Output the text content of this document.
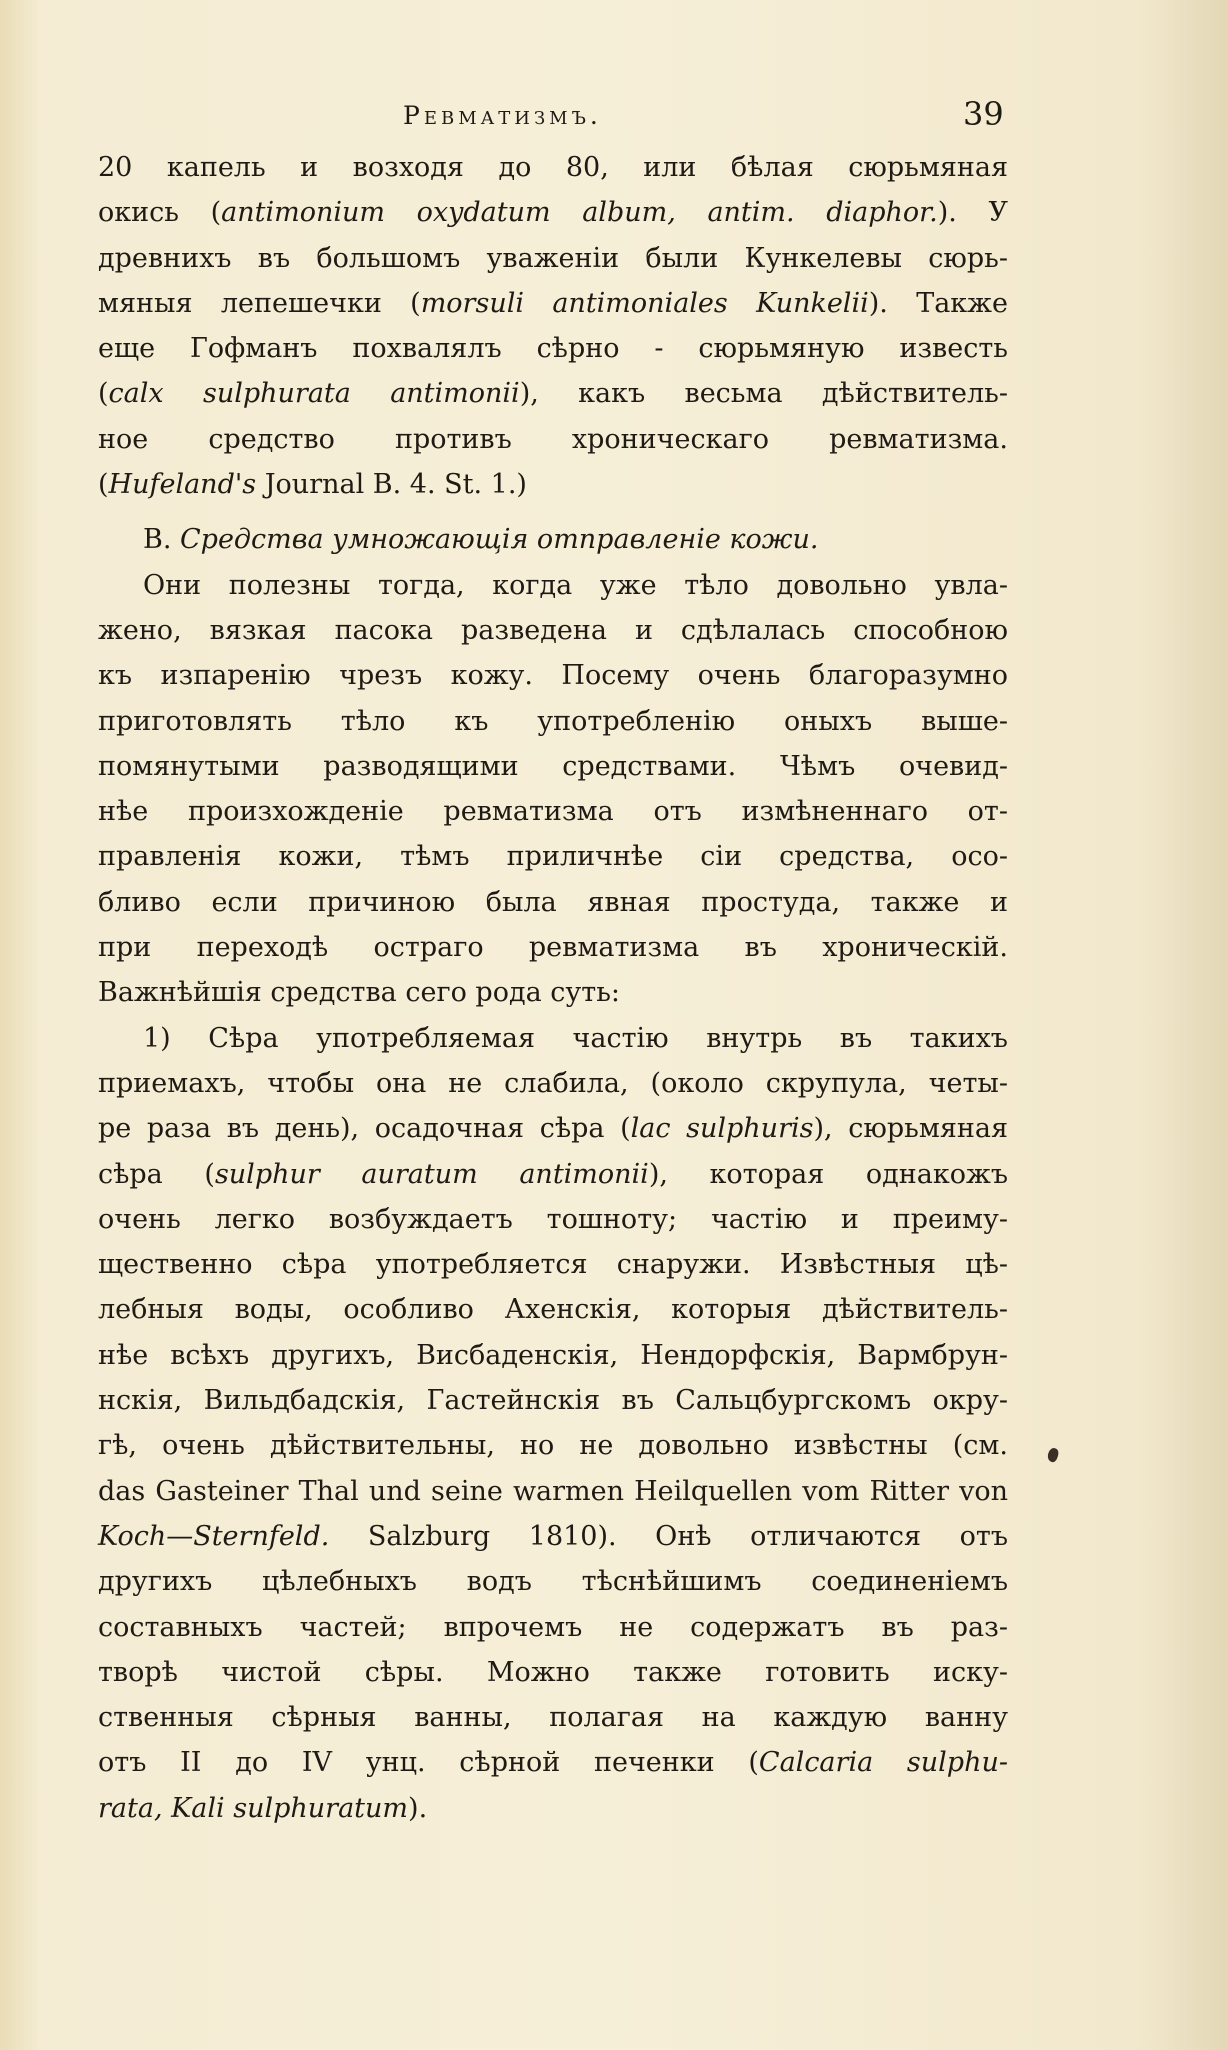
Ревматизмъ.	39
20 капель и возходя до 80, или бѣлая сюрьмяная
окись (antimonium oxydatum album, antim. diaphor.). У
древнихъ въ большомъ уваженiи были Кункелевы сюрь-
мяныя лепешечки (morsuli antimoniales Kunkelii). Также
еще Гофманъ похвалялъ сѣрно - сюрьмяную известь
(calx sulphurata antimonii), какъ весьма дѣйствитель-
ное средство противъ хроническаго ревматизма.
(Hufeland's Journal B. 4. St. 1.)
В. Средства умножающiя отправленiе кожи.
Они полезны тогда, когда уже тѣло довольно увла-
жено, вязкая пасока разведена и сдѣлалась способною
къ изпаренiю чрезъ кожу. Посему очень благоразумно
приготовлять тѣло къ употребленiю оныхъ выше-
помянутыми разводящими средствами. Чѣмъ очевид-
нѣе произхожденiе ревматизма отъ измѣненнаго от-
правленiя кожи, тѣмъ приличнѣе сiи средства, осо-
бливо если причиною была явная простуда, также и
при переходѣ остраго ревматизма въ хроническiй.
Важнѣйшiя средства сего рода суть:
1) Сѣра употребляемая частiю внутрь въ такихъ
приемахъ, чтобы она не слабила, (около скрупула, четы-
ре раза въ день), осадочная сѣра (lac sulphuris), сюрьмяная
сѣра (sulphur auratum antimonii), которая однакожъ
очень легко возбуждаетъ тошноту; частiю и преиму-
щественно сѣра употребляется снаружи. Извѣстныя цѣ-
лебныя воды, особливо Ахенскiя, которыя дѣйствитель-
нѣе всѣхъ другихъ, Висбаденскiя, Нендорфскiя, Вармбрун-
нскiя, Вильдбадскiя, Гастейнскiя въ Сальцбургскомъ окру-
гѣ, очень дѣйствительны, но не довольно извѣстны (см.
das Gasteiner Thal und seine warmen Heilquellen vom Ritter von
Koch—Sternfeld. Salzburg 1810). Онѣ отличаются отъ
другихъ цѣлебныхъ водъ тѣснѣйшимъ соединенiемъ
составныхъ частей; впрочемъ не содержатъ въ раз-
творѣ чистой сѣры. Можно также готовить иску-
ственныя сѣрныя ванны, полагая на каждую ванну
отъ II до IV унц. сѣрной печенки (Calcaria sulphu-
rata, Kali sulphuratum).
